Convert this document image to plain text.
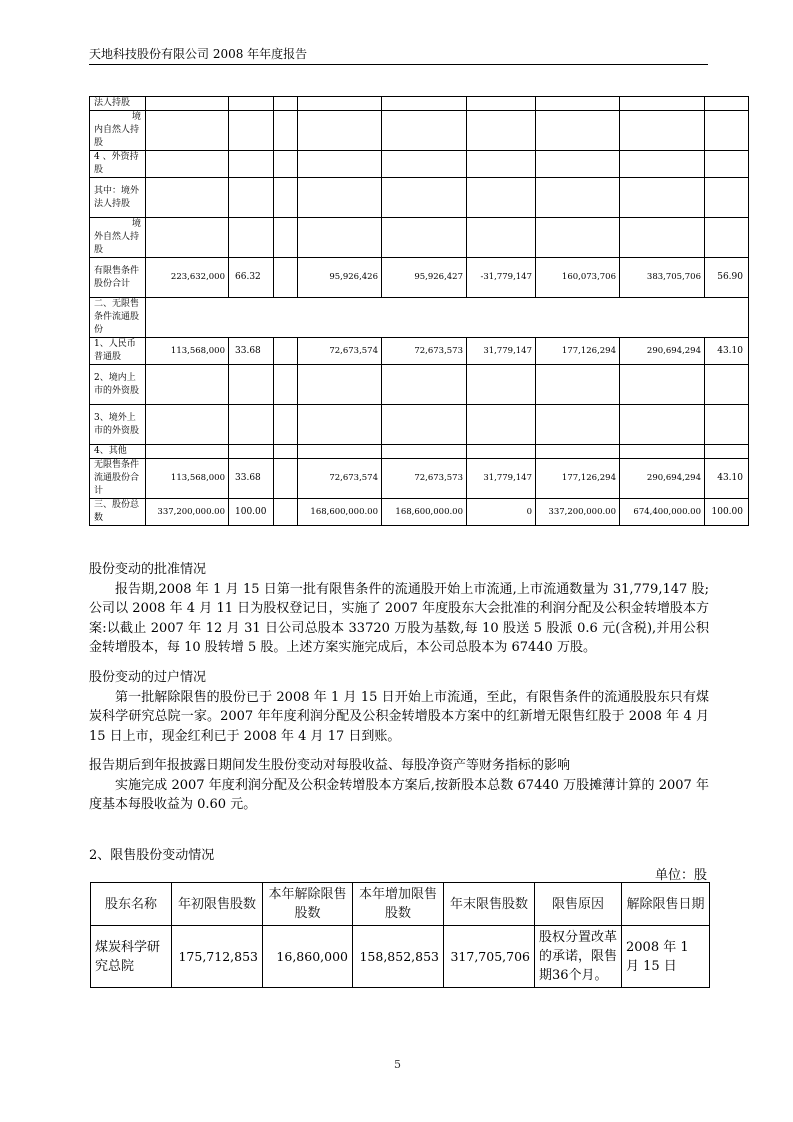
天地科技股份有限公司 2008 年年度报告
法人持股									

境
内自然人持股									
4 、外资持股									
其中：境外法人持股									

境
外自然人持股									
有限售条件股份合计	223,632,000	66.32		95,926,426	95,926,427	-31,779,147	160,073,706	383,705,706	56.90
二、无限售条件流通股份									
1、人民币普通股	113,568,000	33.68		72,673,574	72,673,573	31,779,147	177,126,294	290,694,294	43.10
2、境内上市的外资股									
3、境外上市的外资股									
4、其他									
无限售条件流通股份合计	113,568,000	33.68		72,673,574	72,673,573	31,779,147	177,126,294	290,694,294	43.10
三、股份总数	337,200,000.00	100.00		168,600,000.00	168,600,000.00	0	337,200,000.00	674,400,000.00	100.00
股份变动的批准情况

报告期,2008 年 1 月 15 日第一批有限售条件的流通股开始上市流通,上市流通数量为 31,779,147 股;公司以 2008 年 4 月 11 日为股权登记日，实施了 2007 年度股东大会批准的利润分配及公积金转增股本方案:以截止 2007 年 12 月 31 日公司总股本 33720 万股为基数,每 10 股送 5 股派 0.6 元(含税),并用公积金转增股本，每 10 股转增 5 股。上述方案实施完成后，本公司总股本为 67440 万股。

股份变动的过户情况

第一批解除限售的股份已于 2008 年 1 月 15 日开始上市流通，至此，有限售条件的流通股股东只有煤炭科学研究总院一家。2007 年年度利润分配及公积金转增股本方案中的红新增无限售红股于 2008 年 4 月 15 日上市，现金红利已于 2008 年 4 月 17 日到账。

报告期后到年报披露日期间发生股份变动对每股收益、每股净资产等财务指标的影响

实施完成 2007 年度利润分配及公积金转增股本方案后,按新股本总数 67440 万股摊薄计算的 2007 年度基本每股收益为 0.60 元。

2、限售股份变动情况
单位：股
股东名称	年初限售股数	本年解除限售股数	本年增加限售股数	年末限售股数	限售原因	解除限售日期
煤炭科学研究总院	175,712,853	16,860,000	158,852,853	317,705,706	股权分置改革的承诺，限售期36个月。	2008 年 1 月 15 日
5
